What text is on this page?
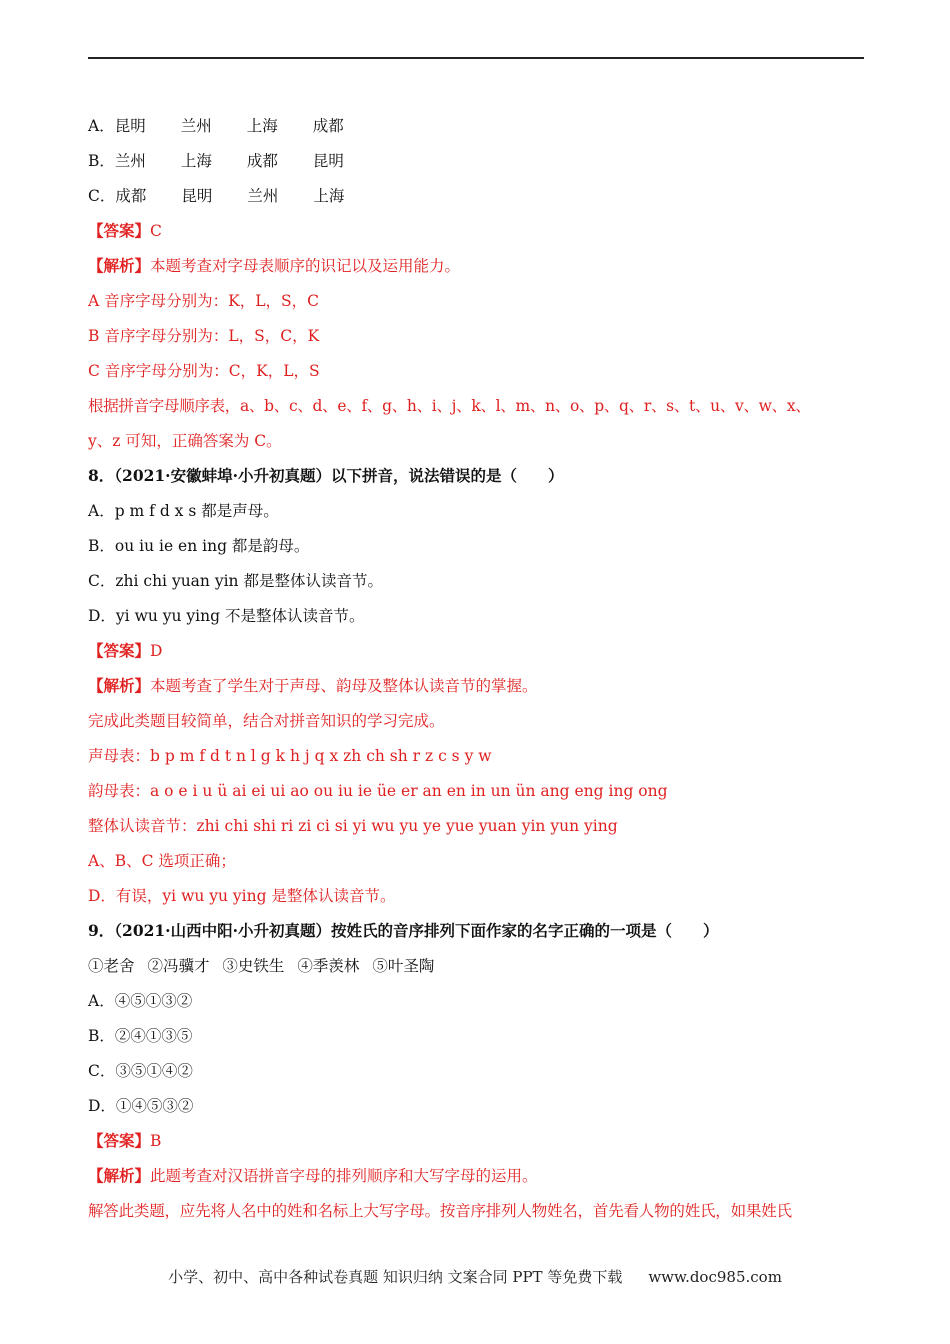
A．昆明 兰州 上海 成都
B．兰州 上海 成都 昆明
C．成都 昆明 兰州 上海
【答案】C
【解析】本题考查对字母表顺序的识记以及运用能力。
A 音序字母分别为：K，L，S，C
B 音序字母分别为：L，S，C，K
C 音序字母分别为：C，K，L，S
根据拼音字母顺序表，a、b、c、d、e、f、g、h、i、j、k、l、m、n、o、p、q、r、s、t、u、v、w、x、
y、z 可知，正确答案为 C。
8．（2021·安徽蚌埠·小升初真题）以下拼音，说法错误的是（　　）
A．p m f d x s 都是声母。
B．ou iu ie en ing 都是韵母。
C．zhi chi yuan yin 都是整体认读音节。
D．yi wu yu ying 不是整体认读音节。
【答案】D
【解析】本题考查了学生对于声母、韵母及整体认读音节的掌握。
完成此类题目较简单，结合对拼音知识的学习完成。
声母表：b p m f d t n l g k h j q x zh ch sh r z c s y w
韵母表：a o e i u ü ai ei ui ao ou iu ie üe er an en in un ün ang eng ing ong
整体认读音节：zhi chi shi ri zi ci si yi wu yu ye yue yuan yin yun ying
A、B、C 选项正确；
D．有误，yi wu yu ying 是整体认读音节。
9．（2021·山西中阳·小升初真题）按姓氏的音序排列下面作家的名字正确的一项是（　　）
①老舍 ②冯骥才 ③史铁生 ④季羡林 ⑤叶圣陶
A．④⑤①③②
B．②④①③⑤
C．③⑤①④②
D．①④⑤③②
【答案】B
【解析】此题考查对汉语拼音字母的排列顺序和大写字母的运用。
解答此类题，应先将人名中的姓和名标上大写字母。按音序排列人物姓名，首先看人物的姓氏，如果姓氏
小学、初中、高中各种试卷真题 知识归纳 文案合同 PPT 等免费下载 www.doc985.com
